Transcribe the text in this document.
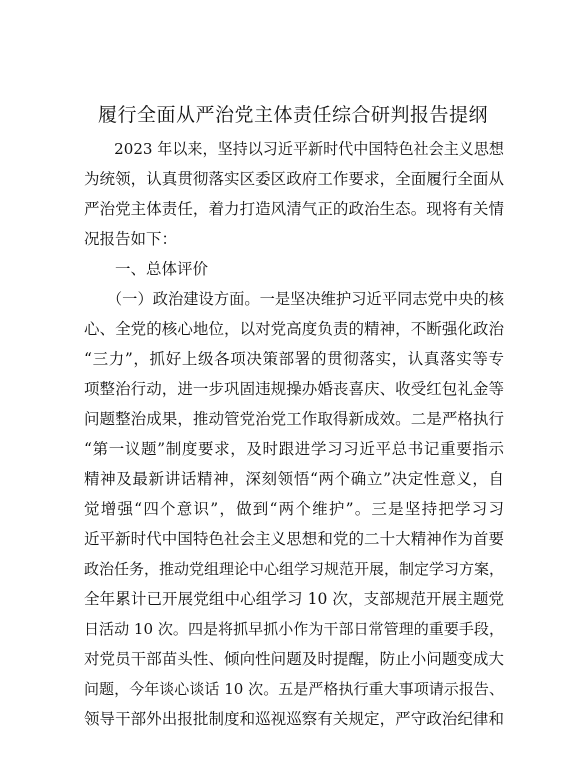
履行全面从严治党主体责任综合研判报告提纲
　　2023 年以来，坚持以习近平新时代中国特色社会主义思想
为统领，认真贯彻落实区委区政府工作要求，全面履行全面从
严治党主体责任，着力打造风清气正的政治生态。现将有关情
况报告如下：
　　一、总体评价
　　（一）政治建设方面。一是坚决维护习近平同志党中央的核
心、全党的核心地位，以对党高度负责的精神，不断强化政治
“三力”，抓好上级各项决策部署的贯彻落实，认真落实等专
项整治行动，进一步巩固违规操办婚丧喜庆、收受红包礼金等
问题整治成果，推动管党治党工作取得新成效。二是严格执行
“第一议题”制度要求，及时跟进学习习近平总书记重要指示
精神及最新讲话精神，深刻领悟“两个确立”决定性意义，自
觉增强“四个意识”，做到“两个维护”。三是坚持把学习习
近平新时代中国特色社会主义思想和党的二十大精神作为首要
政治任务，推动党组理论中心组学习规范开展，制定学习方案，
全年累计已开展党组中心组学习 10 次，支部规范开展主题党
日活动 10 次。四是将抓早抓小作为干部日常管理的重要手段，
对党员干部苗头性、倾向性问题及时提醒，防止小问题变成大
问题，今年谈心谈话 10 次。五是严格执行重大事项请示报告、
领导干部外出报批制度和巡视巡察有关规定，严守政治纪律和
